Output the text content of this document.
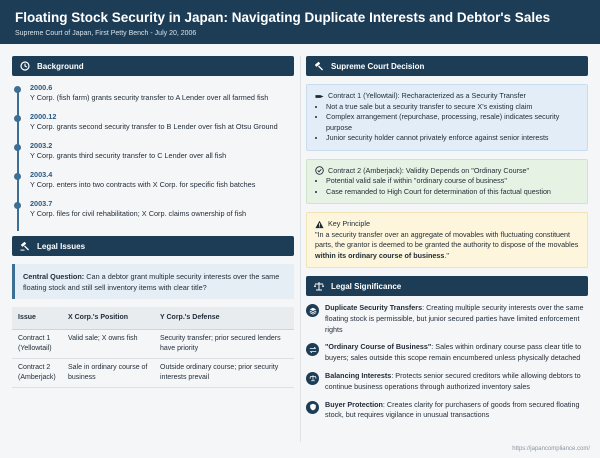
Floating Stock Security in Japan: Navigating Duplicate Interests and Debtor's Sales
Supreme Court of Japan, First Petty Bench - July 20, 2006
Background
2000.6
Y Corp. (fish farm) grants security transfer to A Lender over all farmed fish
2000.12
Y Corp. grants second security transfer to B Lender over fish at Otsu Ground
2003.2
Y Corp. grants third security transfer to C Lender over all fish
2003.4
Y Corp. enters into two contracts with X Corp. for specific fish batches
2003.7
Y Corp. files for civil rehabilitation; X Corp. claims ownership of fish
Legal Issues
Central Question: Can a debtor grant multiple security interests over the same floating stock and still sell inventory items with clear title?
Issue	X Corp.'s Position	Y Corp.'s Defense
Contract 1 (Yellowtail)	Valid sale; X owns fish	Security transfer; prior secured lenders have priority
Contract 2 (Amberjack)	Sale in ordinary course of business	Outside ordinary course; prior security interests prevail
Supreme Court Decision
Contract 1 (Yellowtail): Recharacterized as a Security Transfer
• Not a true sale but a security transfer to secure X's existing claim
• Complex arrangement (repurchase, processing, resale) indicates security purpose
• Junior security holder cannot privately enforce against senior interests
Contract 2 (Amberjack): Validity Depends on "Ordinary Course"
• Potential valid sale if within "ordinary course of business"
• Case remanded to High Court for determination of this factual question
Key Principle
"In a security transfer over an aggregate of movables with fluctuating constituent parts, the grantor is deemed to be granted the authority to dispose of the movables within its ordinary course of business."
Legal Significance
Duplicate Security Transfers: Creating multiple security interests over the same floating stock is permissible, but junior secured parties have limited enforcement rights
"Ordinary Course of Business": Sales within ordinary course pass clear title to buyers; sales outside this scope remain encumbered unless physically detached
Balancing Interests: Protects senior secured creditors while allowing debtors to continue business operations through authorized inventory sales
Buyer Protection: Creates clarity for purchasers of goods from secured floating stock, but requires vigilance in unusual transactions
https://japancompliance.com/
